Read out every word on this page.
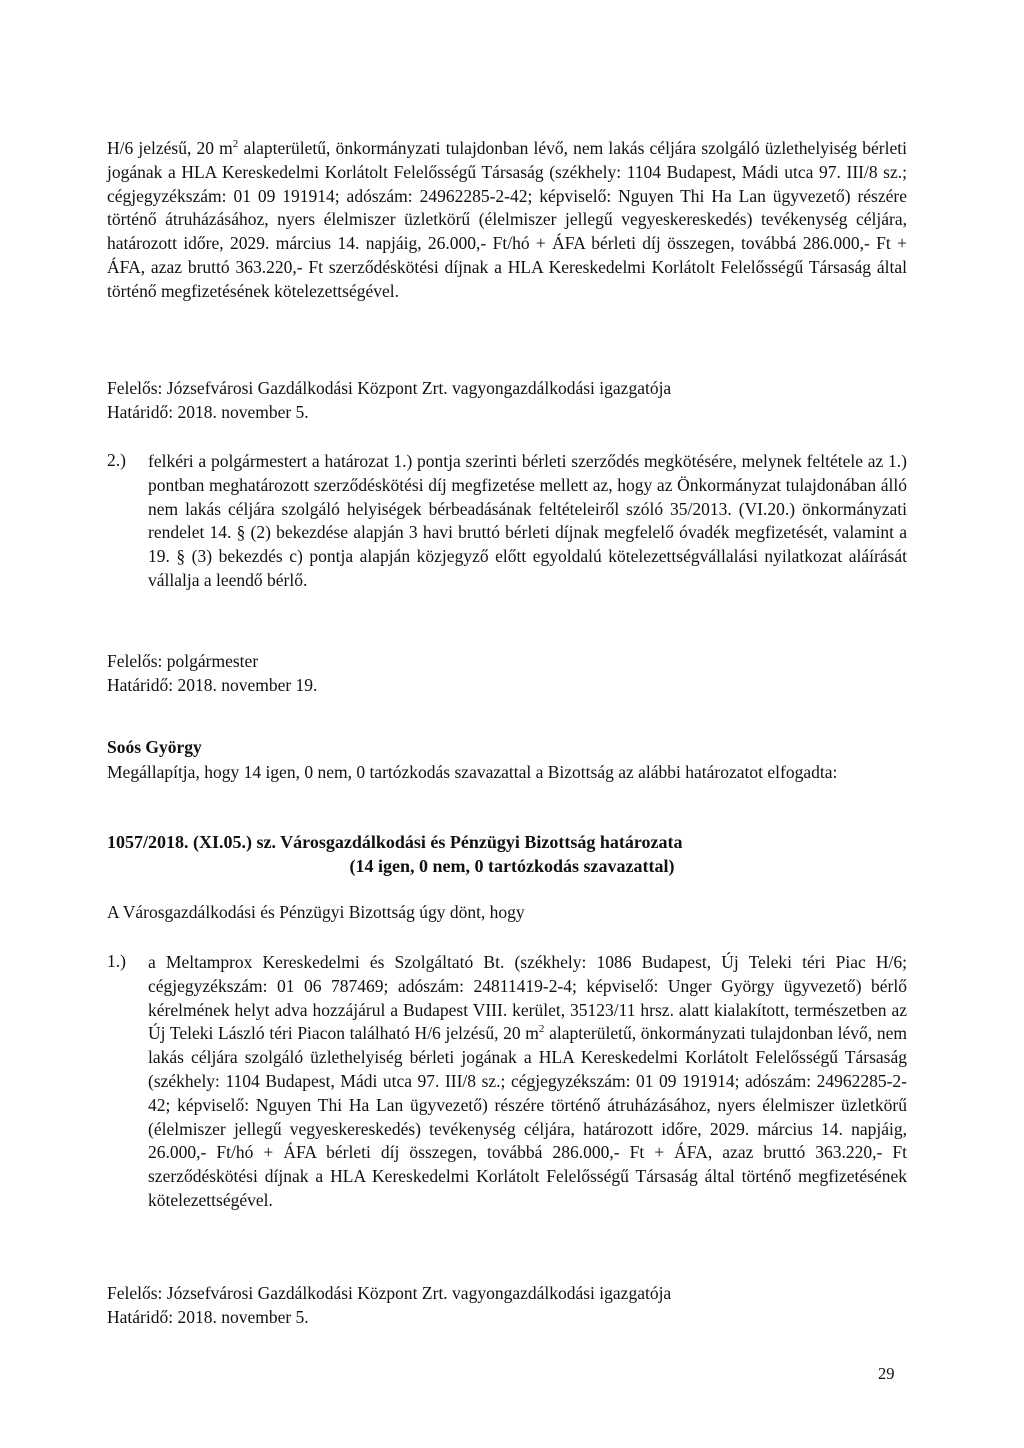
H/6 jelzésű, 20 $m^2$ alapterületű, önkormányzati tulajdonban lévő, nem lakás céljára szolgáló üzlethelyiség bérleti jogának a HLA Kereskedelmi Korlátolt Felelősségű Társaság (székhely: 1104 Budapest, Mádi utca 97. III/8 sz.; cégjegyzékszám: 01 09 191914; adószám: 24962285-2-42; képviselő: Nguyen Thi Ha Lan ügyvezető) részére történő átruházásához, nyers élelmiszer üzletkörű (élelmiszer jellegű vegyeskereskedés) tevékenység céljára, határozott időre, 2029. március 14. napjáig, 26.000,- Ft/hó + ÁFA bérleti díj összegen, továbbá 286.000,- Ft + ÁFA, azaz bruttó 363.220,- Ft szerződéskötési díjnak a HLA Kereskedelmi Korlátolt Felelősségű Társaság által történő megfizetésének kötelezettségével.

Felelős: Józsefvárosi Gazdálkodási Központ Zrt. vagyongazdálkodási igazgatója

Határidő: 2018. november 5.

2.) felkéri a polgármestert a határozat 1.) pontja szerinti bérleti szerződés megkötésére, melynek feltétele az 1.) pontban meghatározott szerződéskötési díj megfizetése mellett az, hogy az Önkormányzat tulajdonában álló nem lakás céljára szolgáló helyiségek bérbeadásának feltételeiről szóló 35/2013. (VI.20.) önkormányzati rendelet 14. § (2) bekezdése alapján 3 havi bruttó bérleti díjnak megfelelő óvadék megfizetését, valamint a 19. § (3) bekezdés c) pontja alapján közjegyző előtt egyoldalú kötelezettségvállalási nyilatkozat aláírását vállalja a leendő bérlő.

Felelős: polgármester

Határidő: 2018. november 19.

Soós György

Megállapítja, hogy 14 igen, 0 nem, 0 tartózkodás szavazattal a Bizottság az alábbi határozatot elfogadta:

1057/2018. (XI.05.) sz. Városgazdálkodási és Pénzügyi Bizottság határozata

(14 igen, 0 nem, 0 tartózkodás szavazattal)

A Városgazdálkodási és Pénzügyi Bizottság úgy dönt, hogy

1.) a Meltamprox Kereskedelmi és Szolgáltató Bt. (székhely: 1086 Budapest, Új Teleki téri Piac H/6; cégjegyzékszám: 01 06 787469; adószám: 24811419-2-4; képviselő: Unger György ügyvezető) bérlő kérelmének helyt adva hozzájárul a Budapest VIII. kerület, 35123/11 hrsz. alatt kialakított, természetben az Új Teleki László téri Piacon található H/6 jelzésű, 20 $m^2$ alapterületű, önkormányzati tulajdonban lévő, nem lakás céljára szolgáló üzlethelyiség bérleti jogának a HLA Kereskedelmi Korlátolt Felelősségű Társaság (székhely: 1104 Budapest, Mádi utca 97. III/8 sz.; cégjegyzékszám: 01 09 191914; adószám: 24962285-2-42; képviselő: Nguyen Thi Ha Lan ügyvezető) részére történő átruházásához, nyers élelmiszer üzletkörű (élelmiszer jellegű vegyeskereskedés) tevékenység céljára, határozott időre, 2029. március 14. napjáig, 26.000,- Ft/hó + ÁFA bérleti díj összegen, továbbá 286.000,- Ft + ÁFA, azaz bruttó 363.220,- Ft szerződéskötési díjnak a HLA Kereskedelmi Korlátolt Felelősségű Társaság által történő megfizetésének kötelezettségével.

Felelős: Józsefvárosi Gazdálkodási Központ Zrt. vagyongazdálkodási igazgatója

Határidő: 2018. november 5.

29
